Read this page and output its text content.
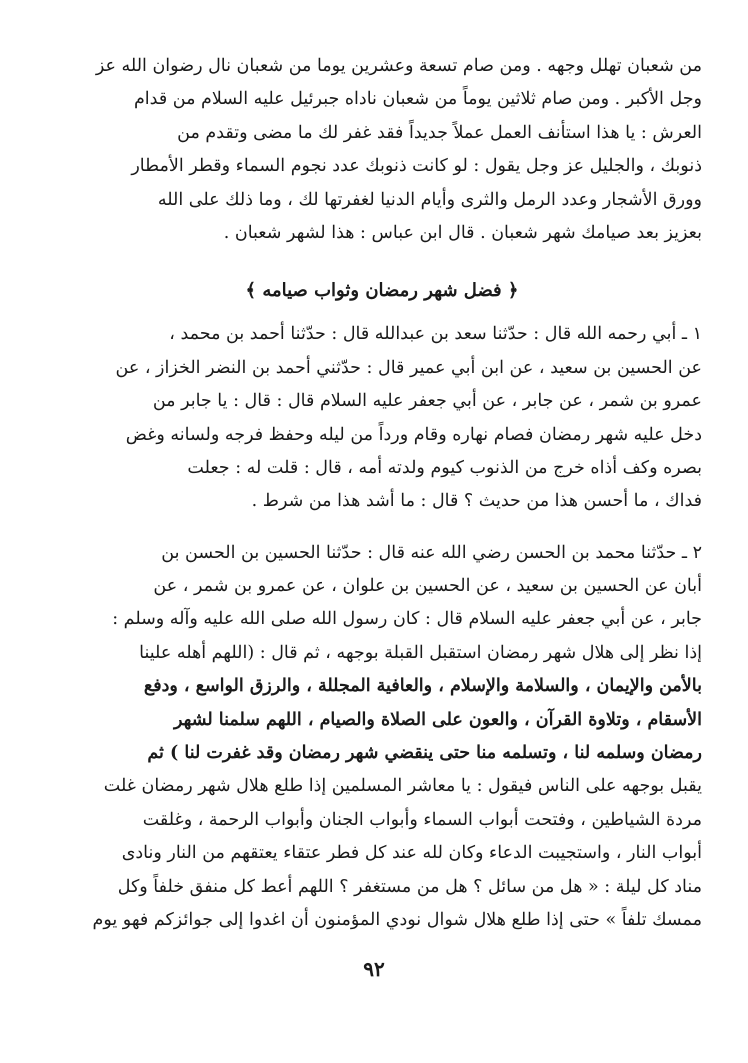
من شعبان تهلل وجهه . ومن صام تسعة وعشرين يوما من شعبان نال رضوان الله عز
وجل الأكبر . ومن صام ثلاثين يوماً من شعبان ناداه جبرئيل عليه السلام من قدام
العرش : يا هذا استأنف العمل عملاً جديداً فقد غفر لك ما مضى وتقدم من
ذنوبك ، والجليل عز وجل يقول : لو كانت ذنوبك عدد نجوم السماء وقطر الأمطار
وورق الأشجار وعدد الرمل والثرى وأيام الدنيا لغفرتها لك ، وما ذلك على الله
بعزيز بعد صيامك شهر شعبان . قال ابن عباس : هذا لشهر شعبان .
﴿ فضل شهر رمضان وثواب صيامه ﴾
١ ـ أبي رحمه الله قال : حدّثنا سعد بن عبدالله قال : حدّثنا أحمد بن محمد ،
عن الحسين بن سعيد ، عن ابن أبي عمير قال : حدّثني أحمد بن النضر الخزاز ، عن
عمرو بن شمر ، عن جابر ، عن أبي جعفر عليه السلام قال : قال : يا جابر من
دخل عليه شهر رمضان فصام نهاره وقام ورداً من ليله وحفظ فرجه ولسانه وغض
بصره وكف أذاه خرج من الذنوب كيوم ولدته أمه ، قال : قلت له : جعلت
فداك ، ما أحسن هذا من حديث ؟ قال : ما أشد هذا من شرط .
٢ ـ حدّثنا محمد بن الحسن رضي الله عنه قال : حدّثنا الحسين بن الحسن بن
أبان عن الحسين بن سعيد ، عن الحسين بن علوان ، عن عمرو بن شمر ، عن
جابر ، عن أبي جعفر عليه السلام قال : كان رسول الله صلى الله عليه وآله وسلم :
إذا نظر إلى هلال شهر رمضان استقبل القبلة بوجهه ، ثم قال : (اللهم أهله علينا
بالأمن والإيمان ، والسلامة والإسلام ، والعافية المجللة ، والرزق الواسع ، ودفع
الأسقام ، وتلاوة القرآن ، والعون على الصلاة والصيام ، اللهم سلمنا لشهر
رمضان وسلمه لنا ، وتسلمه منا حتى ينقضي شهر رمضان وقد غفرت لنا ) ثم
يقبل بوجهه على الناس فيقول : يا معاشر المسلمين إذا طلع هلال شهر رمضان غلت
مردة الشياطين ، وفتحت أبواب السماء وأبواب الجنان وأبواب الرحمة ، وغلقت
أبواب النار ، واستجيبت الدعاء وكان لله عند كل فطر عتقاء يعتقهم من النار ونادى
مناد كل ليلة : « هل من سائل ؟ هل من مستغفر ؟ اللهم أعط كل منفق خلفاً وكل
ممسك تلفاً » حتى إذا طلع هلال شوال نودي المؤمنون أن اغدوا إلى جوائزكم فهو يوم
٩٢
